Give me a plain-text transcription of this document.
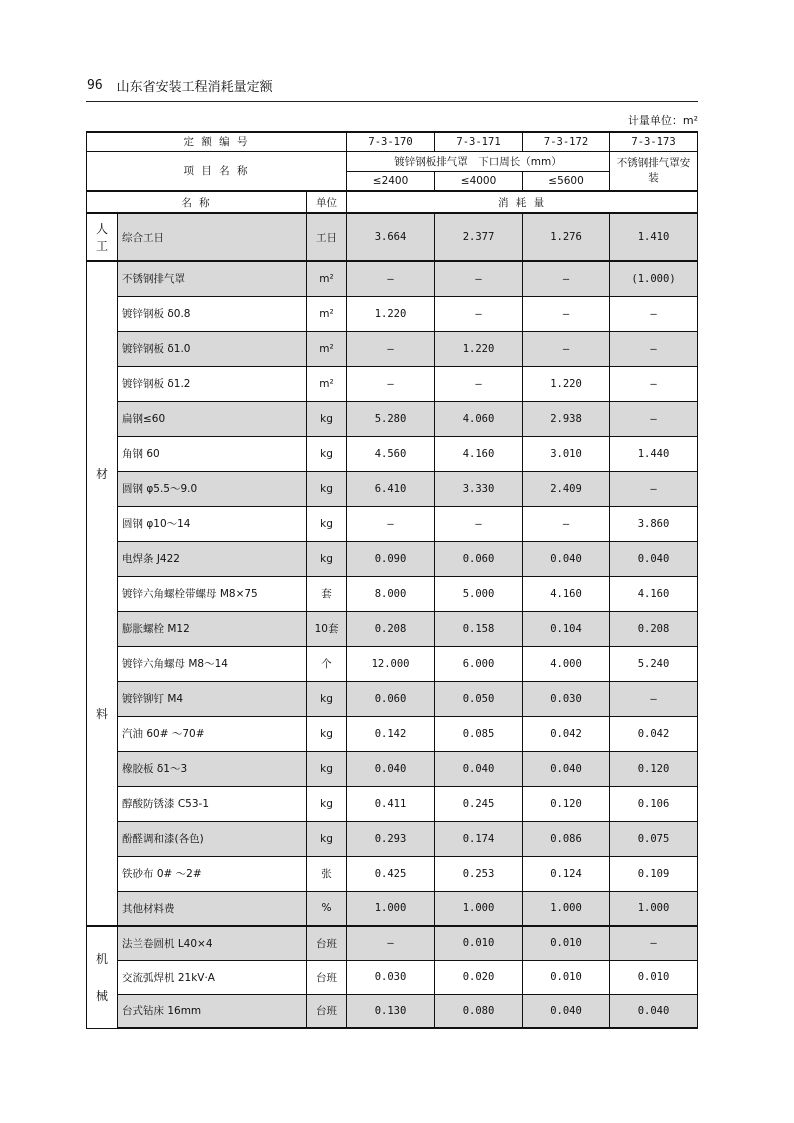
96 山东省安装工程消耗量定额
计量单位：m²
定 额 编 号			7-3-170	7-3-171	7-3-172	7-3-173
项 目 名 称			镀锌钢板排气罩　下口周长（mm）			不锈钢排气罩安装
			≤2400	≤4000	≤5600	
名 称		单位	消 耗 量			

人
工	综合工日	工日	3.664	2.377	1.276	1.410

材
料	不锈钢排气罩	m²	—	—	—	(1.000)
	镀锌钢板 δ0.8	m²	1.220	—	—	—
	镀锌钢板 δ1.0	m²	—	1.220	—	—
	镀锌钢板 δ1.2	m²	—	—	1.220	—
	扁钢≤60	kg	5.280	4.060	2.938	—
	角钢 60	kg	4.560	4.160	3.010	1.440
	圆钢 φ5.5～9.0	kg	6.410	3.330	2.409	—
	圆钢 φ10～14	kg	—	—	—	3.860
	电焊条 J422	kg	0.090	0.060	0.040	0.040
	镀锌六角螺栓带螺母 M8×75	套	8.000	5.000	4.160	4.160
	膨胀螺栓 M12	10套	0.208	0.158	0.104	0.208
	镀锌六角螺母 M8～14	个	12.000	6.000	4.000	5.240
	镀锌铆钉 M4	kg	0.060	0.050	0.030	—
	汽油 60# ～70#	kg	0.142	0.085	0.042	0.042
	橡胶板 δ1～3	kg	0.040	0.040	0.040	0.120
	醇酸防锈漆 C53-1	kg	0.411	0.245	0.120	0.106
	酚醛调和漆(各色)	kg	0.293	0.174	0.086	0.075
	铁砂布 0# ～2#	张	0.425	0.253	0.124	0.109
	其他材料费	%	1.000	1.000	1.000	1.000

机
械	法兰卷圆机 L40×4	台班	—	0.010	0.010	—
	交流弧焊机 21kV·A	台班	0.030	0.020	0.010	0.010
	台式钻床 16mm	台班	0.130	0.080	0.040	0.040
